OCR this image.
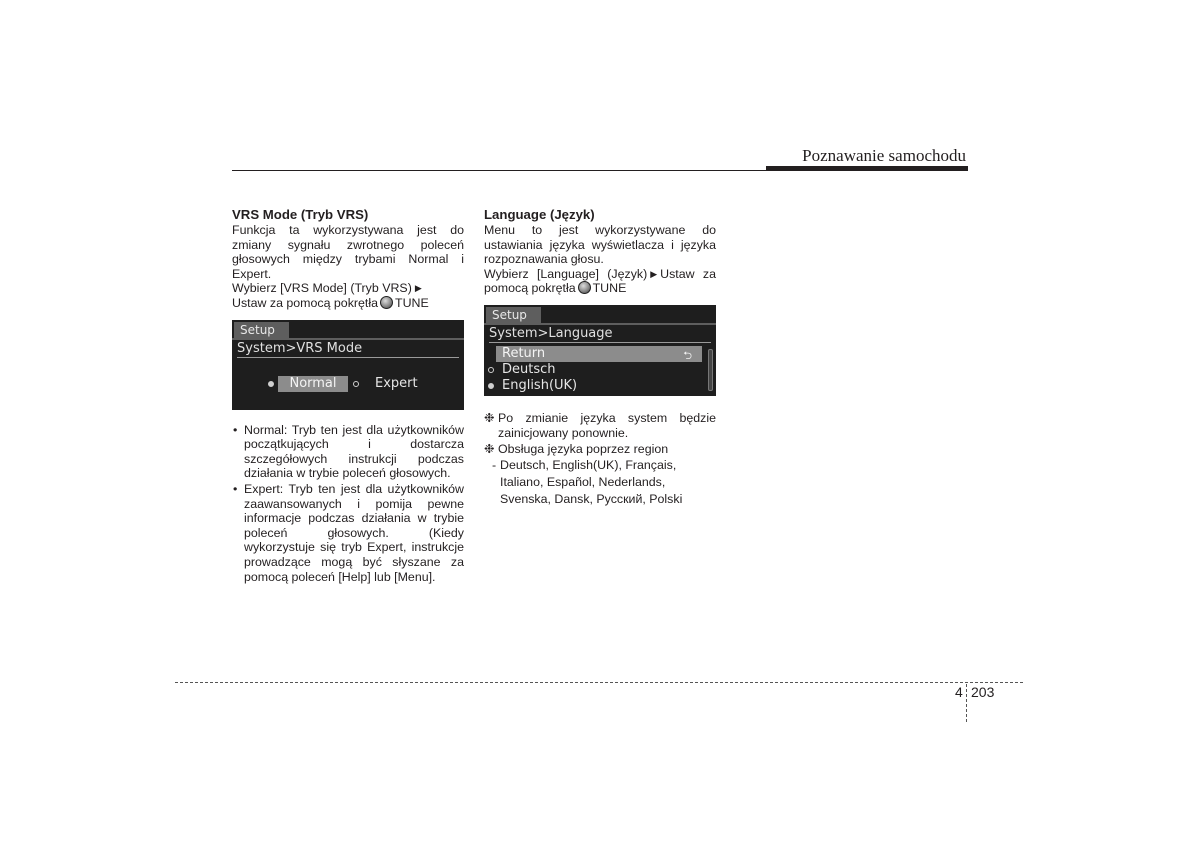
Poznawanie samochodu
VRS Mode (Tryb VRS)

Funkcja ta wykorzystywana jest do zmiany sygnału zwrotnego poleceń głosowych między trybami Normal i Expert.

Wybierz [VRS Mode] (Tryb VRS) ▶
Ustaw za pomocą pokrętła TUNE

Setup
System>VRS Mode
Normal	Expert
• Normal: Tryb ten jest dla użytkowników początkujących i dostarcza szczegółowych instrukcji podczas działania w trybie poleceń głosowych.
• Expert: Tryb ten jest dla użytkowników zaawansowanych i pomija pewne informacje podczas działania w trybie poleceń głosowych. (Kiedy wykorzystuje się tryb Expert, instrukcje prowadzące mogą być słyszane za pomocą poleceń [Help] lub [Menu].
Language (Język)

Menu to jest wykorzystywane do ustawiania języka wyświetlacza i języka rozpoznawania głosu.

Wybierz [Language] (Język) ▶ Ustaw za pomocą pokrętła TUNE

Setup
System>Language
Return	⮌
Deutsch
English(UK)

❉ Po zmianie języka system będzie zainicjowany ponownie.

❉ Obsługa języka poprzez region

- Deutsch, English(UK), Français,
Italiano, Español, Nederlands,
Svenska, Dansk, Русский, Polski
4 203
